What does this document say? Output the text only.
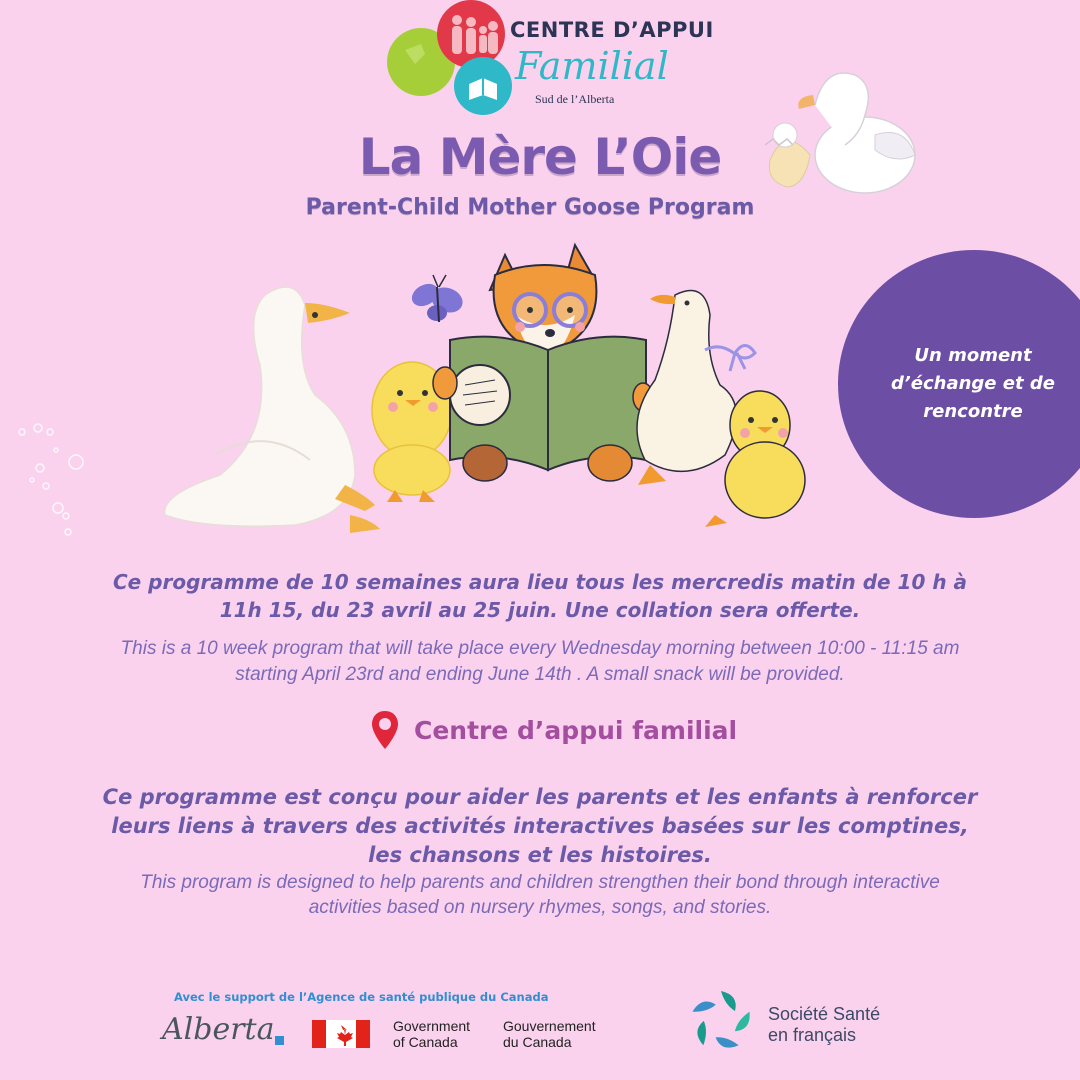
CENTRE D’APPUI
Familial
Sud de l’Alberta
La Mère L’Oie
Parent-Child Mother Goose Program
Un moment d’échange et de rencontre
Ce programme de 10 semaines aura lieu tous les mercredis matin de 10 h à 11h 15, du 23 avril au 25 juin. Une collation sera offerte.
This is a 10 week program that will take place every Wednesday morning between 10:00 - 11:15 am starting April 23rd and ending June 14th . A small snack will be provided.
Centre d’appui familial
Ce programme est conçu pour aider les parents et les enfants à renforcer leurs liens à travers des activités interactives basées sur les comptines, les chansons et les histoires.
This program is designed to help parents and children strengthen their bond through interactive activities based on nursery rhymes, songs, and stories.
Avec le support de l’Agence de santé publique du Canada
Alberta	Government
of Canada
Gouvernement
du Canada
Société Santé
en français
